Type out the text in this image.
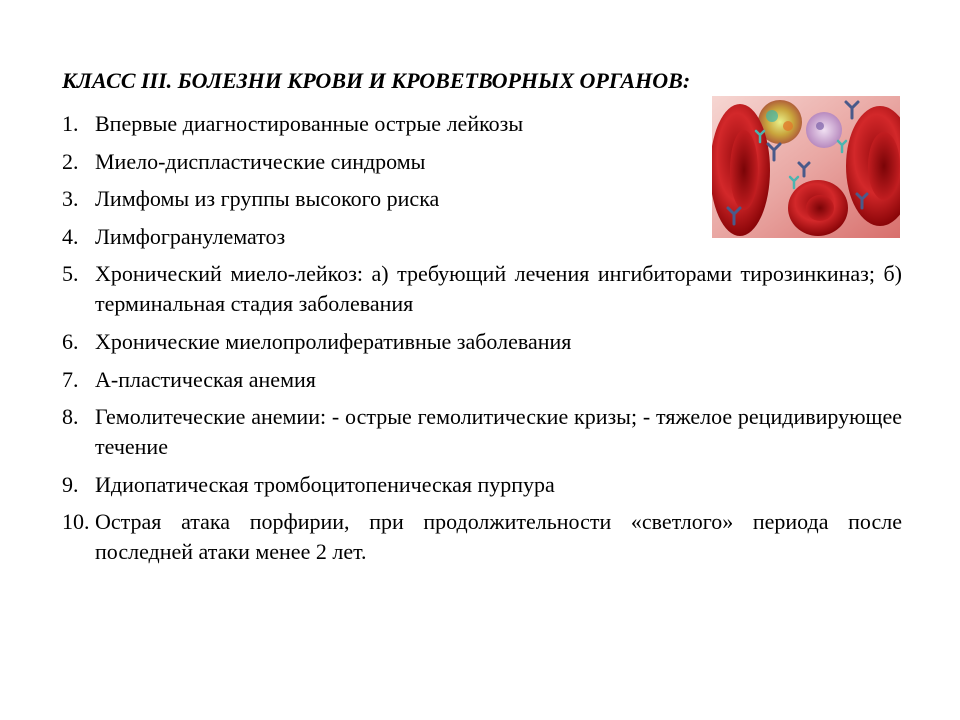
КЛАСС III. БОЛЕЗНИ КРОВИ И КРОВЕТВОРНЫХ ОРГАНОВ:
1. Впервые диагностированные острые лейкозы
2. Миело-диспластические синдромы
3. Лимфомы из группы высокого риска
4. Лимфогранулематоз
5. Хронический миело-лейкоз: а) требующий лечения ингибиторами тирозинкиназ; б) терминальная стадия заболевания
6. Хронические миелопролиферативные заболевания
7. А-пластическая анемия
8. Гемолитеческие анемии: - острые гемолитические кризы; - тяжелое рецидивирующее течение
9. Идиопатическая тромбоцитопеническая пурпура
10. Острая атака порфирии, при продолжительности «светлого» периода после последней атаки менее 2 лет.
